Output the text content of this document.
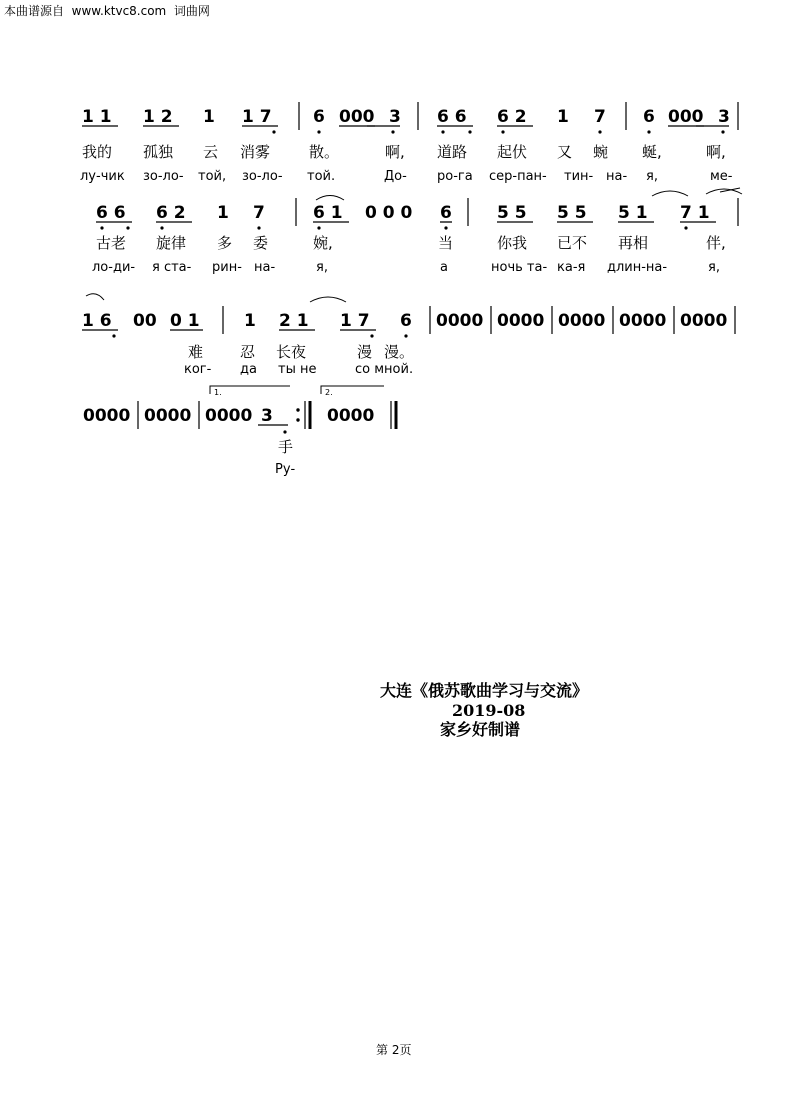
本曲谱源自 www.ktvc8.com 词曲网
1 1 1 2 1 1 7 6 000 3 6 6 6 2 1 7 6 000 3
我的 孤独 云 消雾	散。	啊, 道路 起伏 又 蜿 蜒,	啊,
лу-чик зо-ло- той, зо-ло- той.	До- ро-га сер-пан- тин- на- я,	ме-
6 6 6 2 1 7	6 1 0 0 0 6	5 5 5 5 5 1 7 1
古老 旋律 多 委	婉,	当	你我 已不 再相	伴,
ло-ди- я ста- рин- на-	я,	а	ночь та- ка-я длин-на-	я,
1 6 00 0 1	1 2 1 1 7 6 0000 0000 0000 0000 0000
难 忍 长夜	漫 漫。
ког- да ты не	со мной.
1.	2.
0000 0000 0000 3	0000
手
Ру-
大连《俄苏歌曲学习与交流》
2019-08
家乡好制谱
第 2页
